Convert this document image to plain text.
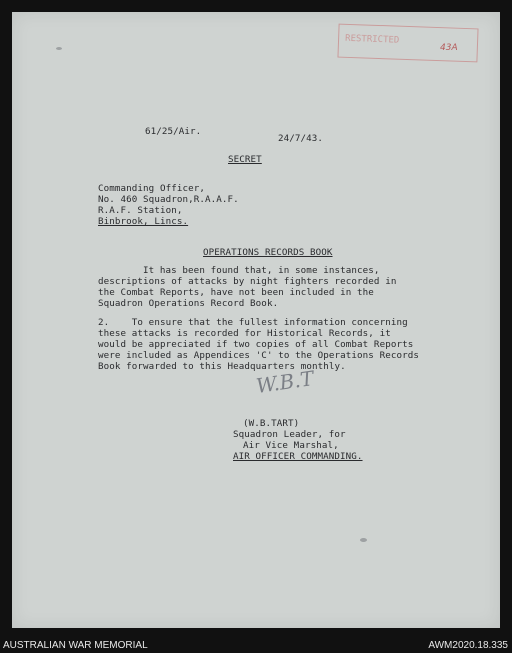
RESTRICTED
43A
61/25/Air.
24/7/43.
SECRET
Commanding Officer,
No. 460 Squadron,R.A.A.F.
R.A.F. Station,
Binbrook, Lincs.
OPERATIONS RECORDS BOOK
It has been found that, in some instances,
descriptions of attacks by night fighters recorded in
the Combat Reports, have not been included in the
Squadron Operations Record Book.
2.    To ensure that the fullest information concerning
these attacks is recorded for Historical Records, it
would be appreciated if two copies of all Combat Reports
were included as Appendices 'C' to the Operations Records
Book forwarded to this Headquarters monthly.
W.B.T
(W.B.TART)
Squadron Leader, for
Air Vice Marshal,
AIR OFFICER COMMANDING.
AUSTRALIAN WAR MEMORIAL	AWM2020.18.335
